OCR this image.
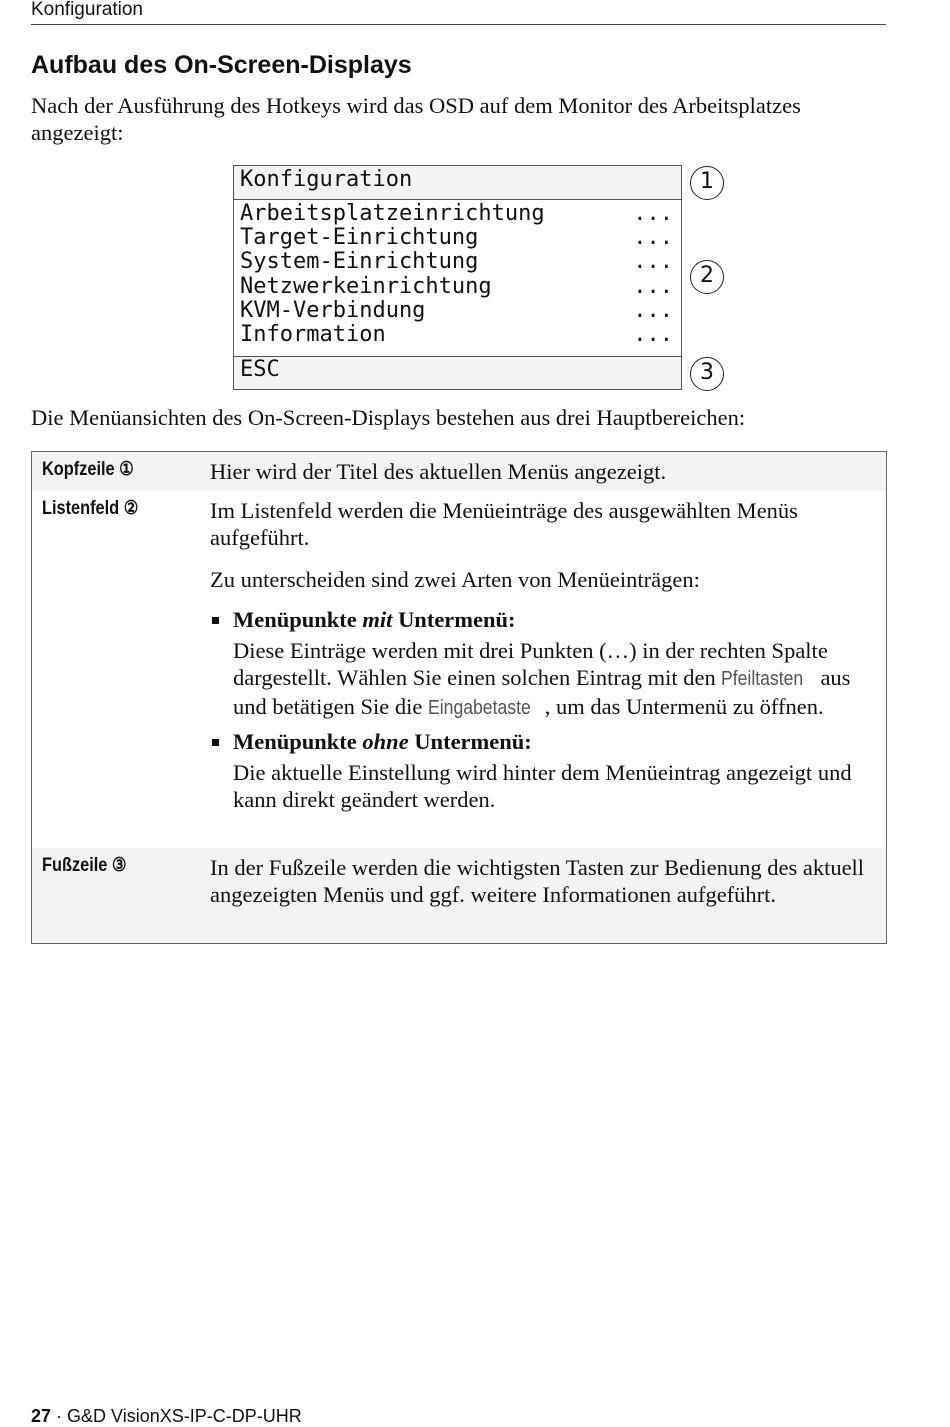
Konfiguration
Aufbau des On-Screen-Displays

Nach der Ausführung des Hotkeys wird das OSD auf dem Monitor des Arbeitsplatzes angezeigt:

Konfiguration
Arbeitsplatzeinrichtung	...
Target-Einrichtung	...
System-Einrichtung	...
Netzwerkeinrichtung	...
KVM-Verbindung	...
Information	...
ESC
1
2
3

Die Menüansichten des On-Screen-Displays bestehen aus drei Hauptbereichen:

Kopfzeile ①	Hier wird der Titel des aktuellen Menüs angezeigt.

Listenfeld ②	Im Listenfeld werden die Menüeinträge des ausgewählten Menüs aufgeführt.

Zu unterscheiden sind zwei Arten von Menüeinträgen:

Menüpunkte mit Untermenü:
Diese Einträge werden mit drei Punkten (…) in der rechten Spalte dargestellt. Wählen Sie einen solchen Eintrag mit den Pfeiltasten aus und betätigen Sie die Eingabetaste , um das Untermenü zu öffnen.
Menüpunkte ohne Untermenü:
Die aktuelle Einstellung wird hinter dem Menüeintrag angezeigt und kann direkt geändert werden.
Fußzeile ③	In der Fußzeile werden die wichtigsten Tasten zur Bedienung des aktuell angezeigten Menüs und ggf. weitere Informationen aufgeführt.

27 · G&D VisionXS-IP-C-DP-UHR
